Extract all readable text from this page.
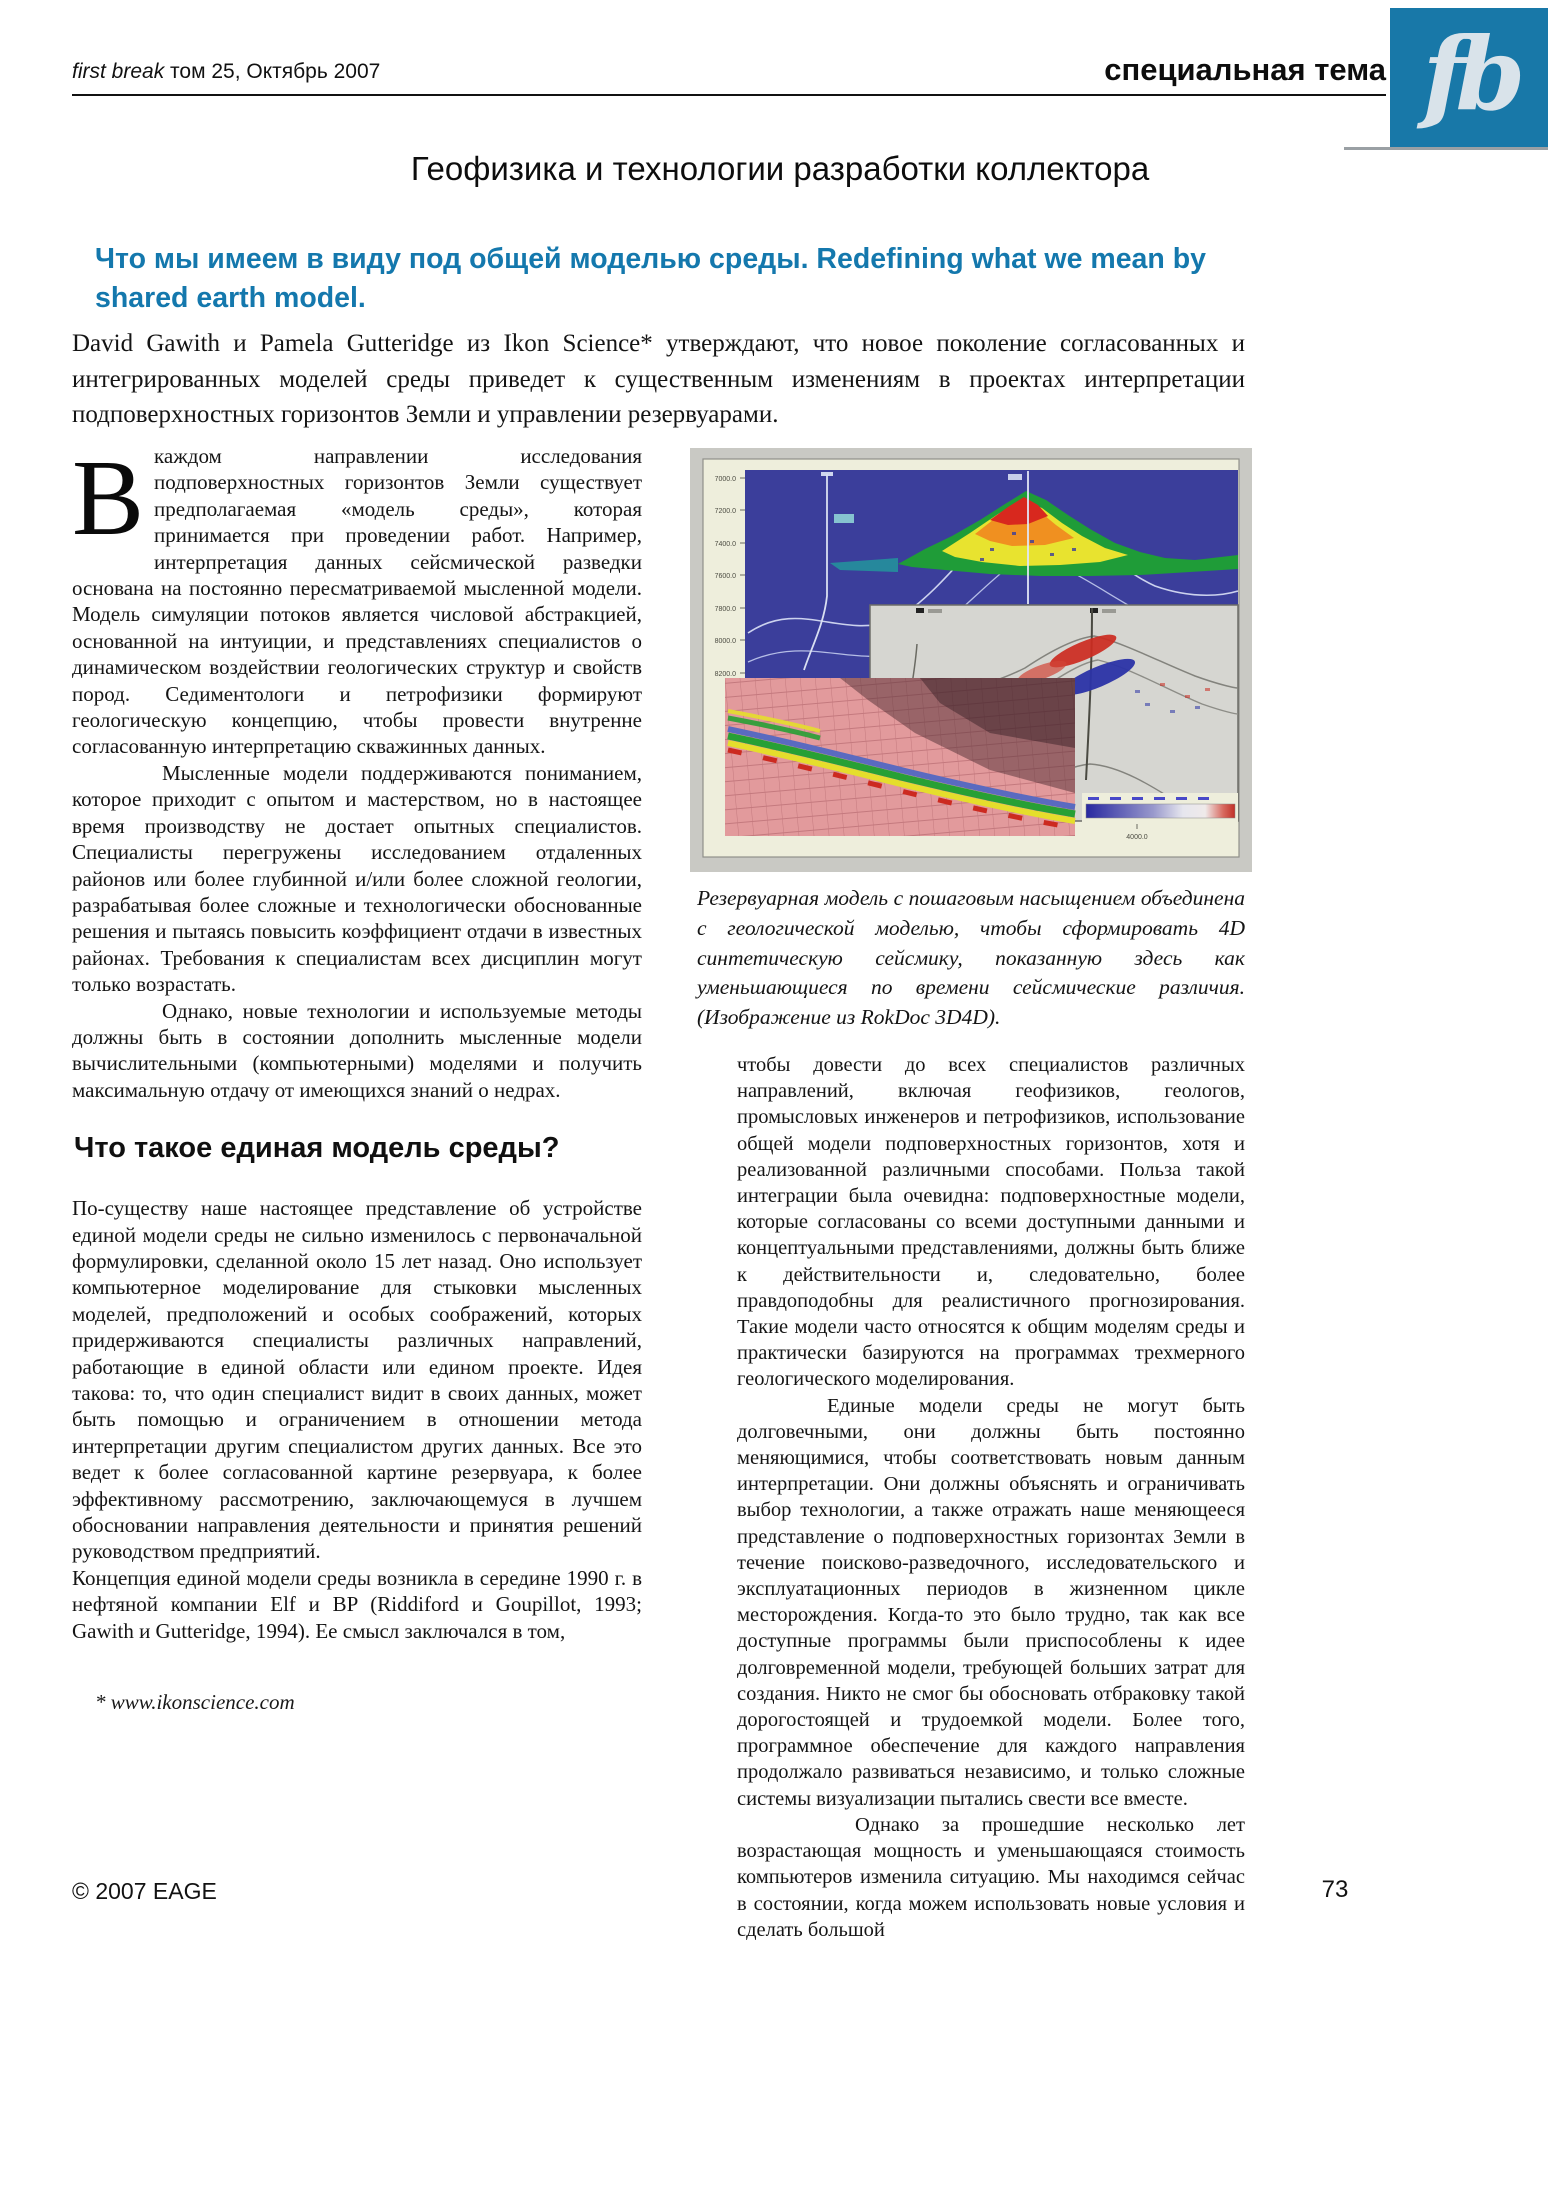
first break том 25, Октябрь 2007	специальная тема fb
Геофизика и технологии разработки коллектора
Что мы имеем в виду под общей моделью среды. Redefining what we mean by shared earth model.
David Gawith и Pamela Gutteridge из Ikon Science* утверждают, что новое поколение согласованных и интегрированных моделей среды приведет к существенным изменениям в проектах интерпретации подповерхностных горизонтов Земли и управлении резервуарами.

Вкаждом направлении исследования подповерхностных горизонтов Земли существует предполагаемая «модель среды», которая принимается при проведении работ. Например, интерпретация данных сейсмической разведки основана на постоянно пересматриваемой мысленной модели. Модель симуляции потоков является числовой абстракцией, основанной на интуиции, и представлениях специалистов о динамическом воздействии геологических структур и свойств пород. Седиментологи и петрофизики формируют геологическую концепцию, чтобы провести внутренне согласованную интерпретацию скважинных данных.

Мысленные модели поддерживаются пониманием, которое приходит с опытом и мастерством, но в настоящее время производству не достает опытных специалистов. Специалисты перегружены исследованием отдаленных районов или более глубинной и/или более сложной геологии, разрабатывая более сложные и технологически обоснованные решения и пытаясь повысить коэффициент отдачи в известных районах. Требования к специалистам всех дисциплин могут только возрастать.

Однако, новые технологии и используемые методы должны быть в состоянии дополнить мысленные модели вычислительными (компьютерными) моделями и получить максимальную отдачу от имеющихся знаний о недрах.

Что такое единая модель среды?

По-существу наше настоящее представление об устройстве единой модели среды не сильно изменилось с первоначальной формулировки, сделанной около 15 лет назад. Оно использует компьютерное моделирование для стыковки мысленных моделей, предположений и особых соображений, которых придерживаются специалисты различных направлений, работающие в единой области или едином проекте. Идея такова: то, что один специалист видит в своих данных, может быть помощью и ограничением в отношении метода интерпретации другим специалистом других данных. Все это ведет к более согласованной картине резервуара, к более эффективному рассмотрению, заключающемуся в лучшем обосновании направления деятельности и принятия решений руководством предприятий.

Концепция единой модели среды возникла в середине 1990 г. в нефтяной компании Elf и BP (Riddiford и Goupillot, 1993; Gawith и Gutteridge, 1994). Ее смысл заключался в том,

* www.ikonscience.com
7000.0
7200.0
7400.0
7600.0
7800.0
8000.0
8200.0
4000.0
Резервуарная модель с пошаговым насыщением объединена с геологической моделью, чтобы сформировать 4D синтетическую сейсмику, показанную здесь как уменьшающиеся по времени сейсмические различия. (Изображение из RokDoc 3D4D).

чтобы довести до всех специалистов различных направлений, включая геофизиков, геологов, промысловых инженеров и петрофизиков, использование общей модели подповерхностных горизонтов, хотя и реализованной различными способами. Польза такой интеграции была очевидна: подповерхностные модели, которые согласованы со всеми доступными данными и концептуальными представлениями, должны быть ближе к действительности и, следовательно, более правдоподобны для реалистичного прогнозирования. Такие модели часто относятся к общим моделям среды и практически базируются на программах трехмерного геологического моделирования.

Единые модели среды не могут быть долговечными, они должны быть постоянно меняющимися, чтобы соответствовать новым данным интерпретации. Они должны объяснять и ограничивать выбор технологии, а также отражать наше меняющееся представление о подповерхностных горизонтах Земли в течение поисково-разведочного, исследовательского и эксплуатационных периодов в жизненном цикле месторождения. Когда-то это было трудно, так как все доступные программы были приспособлены к идее долговременной модели, требующей больших затрат для создания. Никто не смог бы обосновать отбраковку такой дорогостоящей и трудоемкой модели. Более того, программное обеспечение для каждого направления продолжало развиваться независимо, и только сложные системы визуализации пытались свести все вместе.

Однако за прошедшие несколько лет возрастающая мощность и уменьшающаяся стоимость компьютеров изменила ситуацию. Мы находимся сейчас в состоянии, когда можем использовать новые условия и сделать большой

© 2007 EAGE	73
